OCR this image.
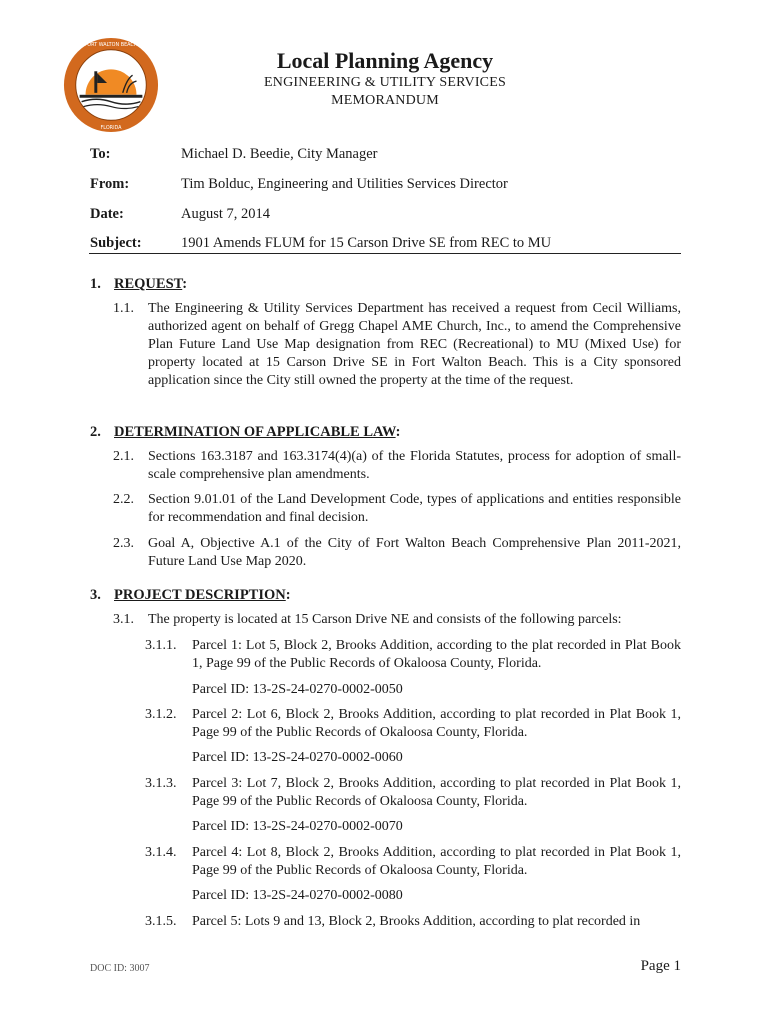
FORT WALTON BEACH
FLORIDA
Local Planning Agency
ENGINEERING & UTILITY SERVICES
MEMORANDUM
To:	Michael D. Beedie, City Manager
From:	Tim Bolduc, Engineering and Utilities Services Director
Date:	August 7, 2014
Subject:	1901 Amends FLUM for 15 Carson Drive SE from REC to MU
1. REQUEST:
1.1. The Engineering & Utility Services Department has received a request from Cecil Williams, authorized agent on behalf of Gregg Chapel AME Church, Inc., to amend the Comprehensive Plan Future Land Use Map designation from REC (Recreational) to MU (Mixed Use) for property located at 15 Carson Drive SE in Fort Walton Beach. This is a City sponsored application since the City still owned the property at the time of the request.
2. DETERMINATION OF APPLICABLE LAW:
2.1. Sections 163.3187 and 163.3174(4)(a) of the Florida Statutes, process for adoption of small-scale comprehensive plan amendments.
2.2. Section 9.01.01 of the Land Development Code, types of applications and entities responsible for recommendation and final decision.
2.3. Goal A, Objective A.1 of the City of Fort Walton Beach Comprehensive Plan 2011-2021, Future Land Use Map 2020.
3. PROJECT DESCRIPTION:
3.1. The property is located at 15 Carson Drive NE and consists of the following parcels:
3.1.1. Parcel 1: Lot 5, Block 2, Brooks Addition, according to the plat recorded in Plat Book 1, Page 99 of the Public Records of Okaloosa County, Florida.
Parcel ID: 13-2S-24-0270-0002-0050
3.1.2. Parcel 2: Lot 6, Block 2, Brooks Addition, according to plat recorded in Plat Book 1, Page 99 of the Public Records of Okaloosa County, Florida.
Parcel ID: 13-2S-24-0270-0002-0060
3.1.3. Parcel 3: Lot 7, Block 2, Brooks Addition, according to plat recorded in Plat Book 1, Page 99 of the Public Records of Okaloosa County, Florida.
Parcel ID: 13-2S-24-0270-0002-0070
3.1.4. Parcel 4: Lot 8, Block 2, Brooks Addition, according to plat recorded in Plat Book 1, Page 99 of the Public Records of Okaloosa County, Florida.
Parcel ID: 13-2S-24-0270-0002-0080
3.1.5. Parcel 5: Lots 9 and 13, Block 2, Brooks Addition, according to plat recorded in
DOC ID: 3007	Page 1
